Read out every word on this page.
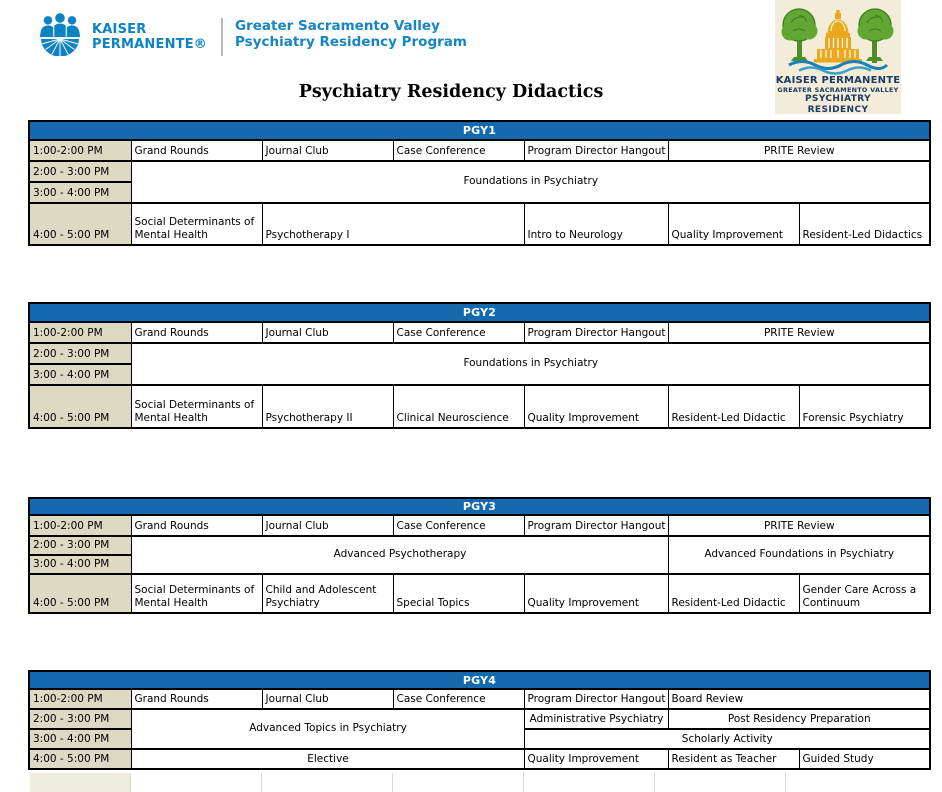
KAISER
PERMANENTE®
Greater Sacramento Valley
Psychiatry Residency Program
KAISER PERMANENTE
GREATER SACRAMENTO VALLEY
PSYCHIATRY RESIDENCY
Psychiatry Residency Didactics
PGY1						

1:00-2:00 PM	Grand Rounds	Journal Club	Case Conference	Program Director Hangout	PRITE Review	

2:00 - 3:00 PM	Foundations in Psychiatry					

3:00 - 4:00 PM						

4:00 - 5:00 PM	Social Determinants of Mental Health	Psychotherapy I		Intro to Neurology	Quality Improvement	Resident-Led Didactics
PGY2						

1:00-2:00 PM	Grand Rounds	Journal Club	Case Conference	Program Director Hangout	PRITE Review	

2:00 - 3:00 PM	Foundations in Psychiatry					

3:00 - 4:00 PM						

4:00 - 5:00 PM	Social Determinants of Mental Health	Psychotherapy II	Clinical Neuroscience	Quality Improvement	Resident-Led Didactic	Forensic Psychiatry
PGY3						

1:00-2:00 PM	Grand Rounds	Journal Club	Case Conference	Program Director Hangout	PRITE Review	

2:00 - 3:00 PM	Advanced Psychotherapy				Advanced Foundations in Psychiatry	

3:00 - 4:00 PM						

4:00 - 5:00 PM	Social Determinants of Mental Health	Child and Adolescent Psychiatry	Special Topics	Quality Improvement	Resident-Led Didactic	Gender Care Across a Continuum
PGY4						

1:00-2:00 PM	Grand Rounds	Journal Club	Case Conference	Program Director Hangout	Board Review	

2:00 - 3:00 PM	Advanced Topics in Psychiatry			Administrative Psychiatry	Post Residency Preparation	

3:00 - 4:00 PM				Scholarly Activity		

4:00 - 5:00 PM	Elective			Quality Improvement	Resident as Teacher	Guided Study
